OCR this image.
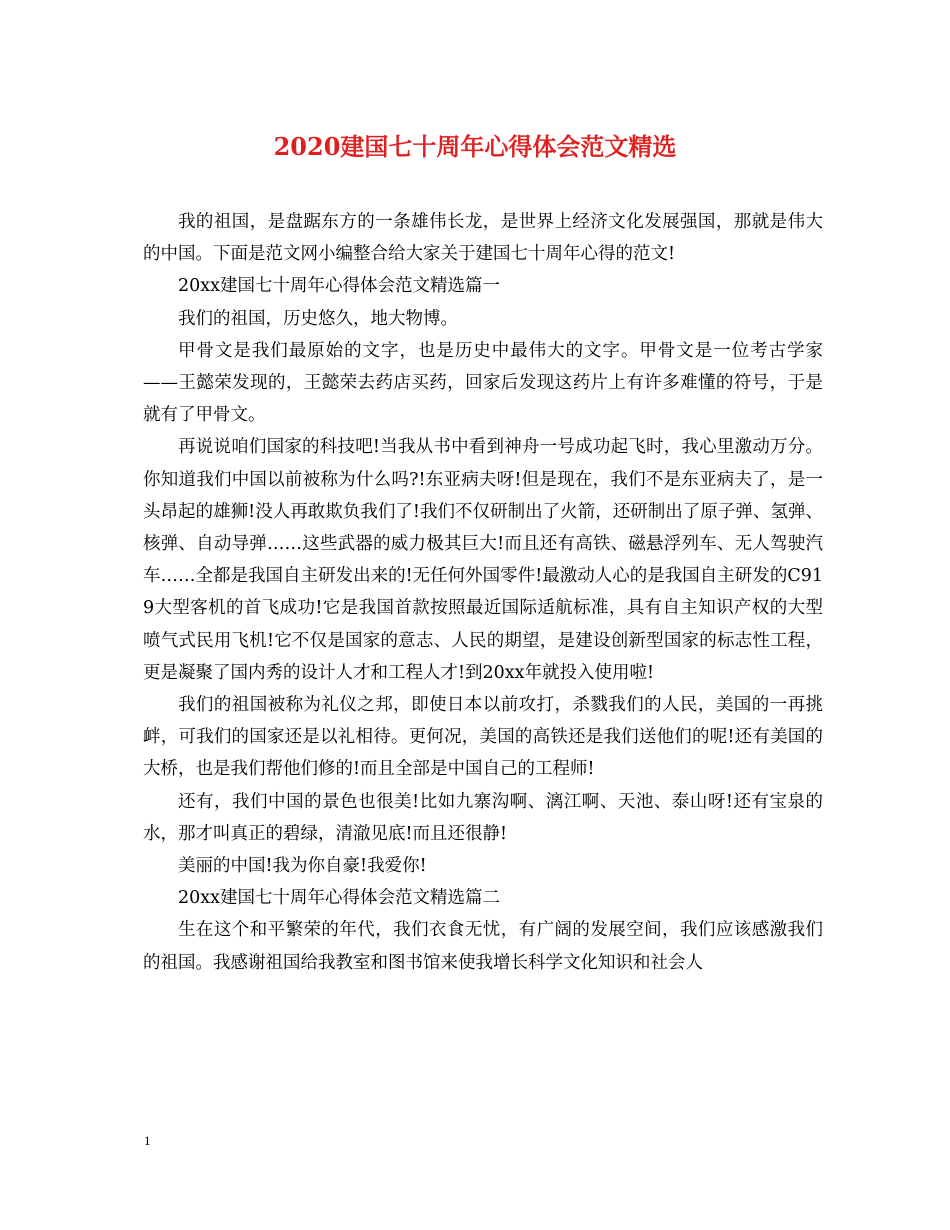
2020建国七十周年心得体会范文精选

我的祖国，是盘踞东方的一条雄伟长龙，是世界上经济文化发展强国，那就是伟大的中国。下面是范文网小编整合给大家关于建国七十周年心得的范文!

20xx建国七十周年心得体会范文精选篇一

我们的祖国，历史悠久，地大物博。

甲骨文是我们最原始的文字，也是历史中最伟大的文字。甲骨文是一位考古学家——王懿荣发现的，王懿荣去药店买药，回家后发现这药片上有许多难懂的符号，于是就有了甲骨文。

再说说咱们国家的科技吧!当我从书中看到神舟一号成功起飞时，我心里激动万分。你知道我们中国以前被称为什么吗?!东亚病夫呀!但是现在，我们不是东亚病夫了，是一头昂起的雄狮!没人再敢欺负我们了!我们不仅研制出了火箭，还研制出了原子弹、氢弹、核弹、自动导弹……这些武器的威力极其巨大!而且还有高铁、磁悬浮列车、无人驾驶汽车……全都是我国自主研发出来的!无任何外国零件!最激动人心的是我国自主研发的C919大型客机的首飞成功!它是我国首款按照最近国际适航标准，具有自主知识产权的大型喷气式民用飞机!它不仅是国家的意志、人民的期望，是建设创新型国家的标志性工程，更是凝聚了国内秀的设计人才和工程人才!到20xx年就投入使用啦!

我们的祖国被称为礼仪之邦，即使日本以前攻打，杀戮我们的人民，美国的一再挑衅，可我们的国家还是以礼相待。更何况，美国的高铁还是我们送他们的呢!还有美国的大桥，也是我们帮他们修的!而且全部是中国自己的工程师!

还有，我们中国的景色也很美!比如九寨沟啊、漓江啊、天池、泰山呀!还有宝泉的水，那才叫真正的碧绿，清澈见底!而且还很静!

美丽的中国!我为你自豪!我爱你!

20xx建国七十周年心得体会范文精选篇二

生在这个和平繁荣的年代，我们衣食无忧，有广阔的发展空间，我们应该感激我们的祖国。我感谢祖国给我教室和图书馆来使我增长科学文化知识和社会人

1
